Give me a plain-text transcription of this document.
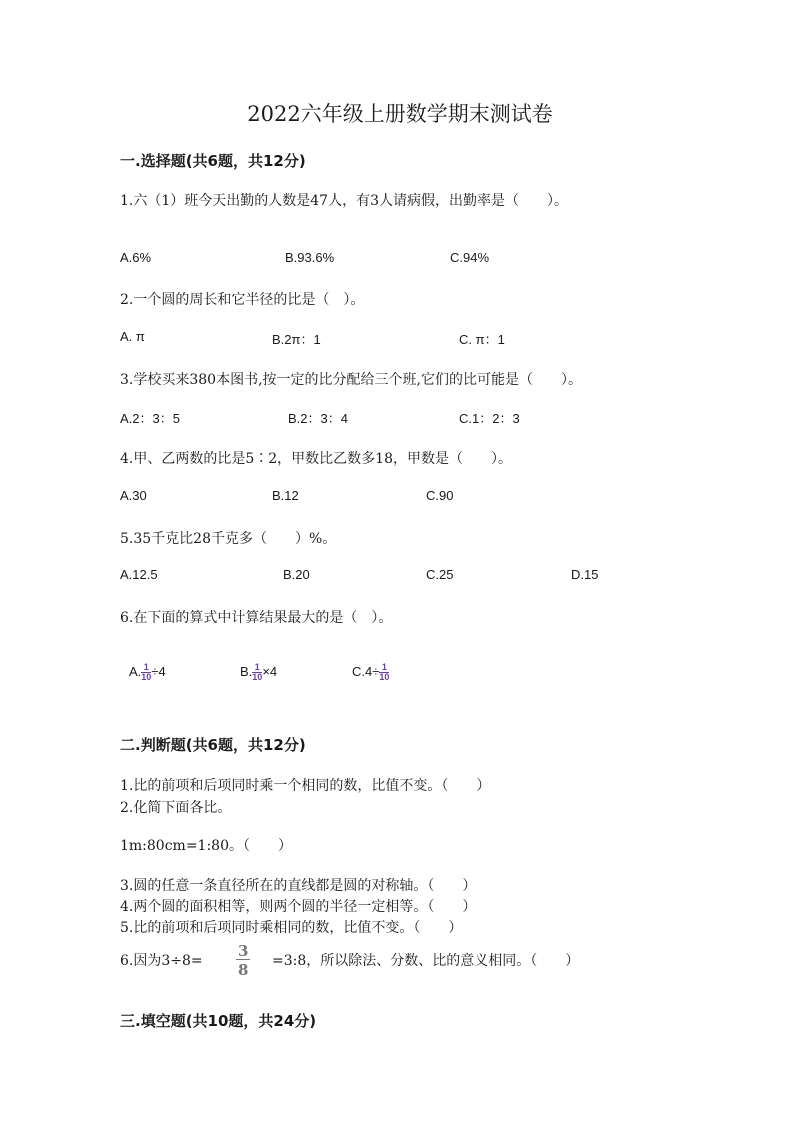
2022六年级上册数学期末测试卷
一.选择题(共6题，共12分)
1.六（1）班今天出勤的人数是47人，有3人请病假，出勤率是（　　）。
A.6%	B.93.6%	C.94%
2.一个圆的周长和它半径的比是（　）。
A. π	B.2π：1	C. π：1
3.学校买来380本图书,按一定的比分配给三个班,它们的比可能是（　　）。
A.2：3：5	B.2：3：4	C.1：2：3
4.甲、乙两数的比是5∶2，甲数比乙数多18，甲数是（　　）。
A.30	B.12	C.90
5.35千克比28千克多（　　）%。
A.12.5	B.20	C.25	D.15
6.在下面的算式中计算结果最大的是（　）。
A. $\frac{1}{10} \div 4$	B. $\frac{1}{10} \times 4$	$C.4\div \frac{1}{10}$
二.判断题(共6题，共12分)
1.比的前项和后项同时乘一个相同的数，比值不变。（　　）
2.化简下面各比。
1m:80cm=1:80。（　　）
3.圆的任意一条直径所在的直线都是圆的对称轴。（　　）
4.两个圆的面积相等，则两个圆的半径一定相等。（　　）
5.比的前项和后项同时乘相同的数，比值不变。（　　）
6.因为$3\div 8= \frac{3}{8}$ =3:8，所以除法、分数、比的意义相同。（　　）
三.填空题(共10题，共24分)
